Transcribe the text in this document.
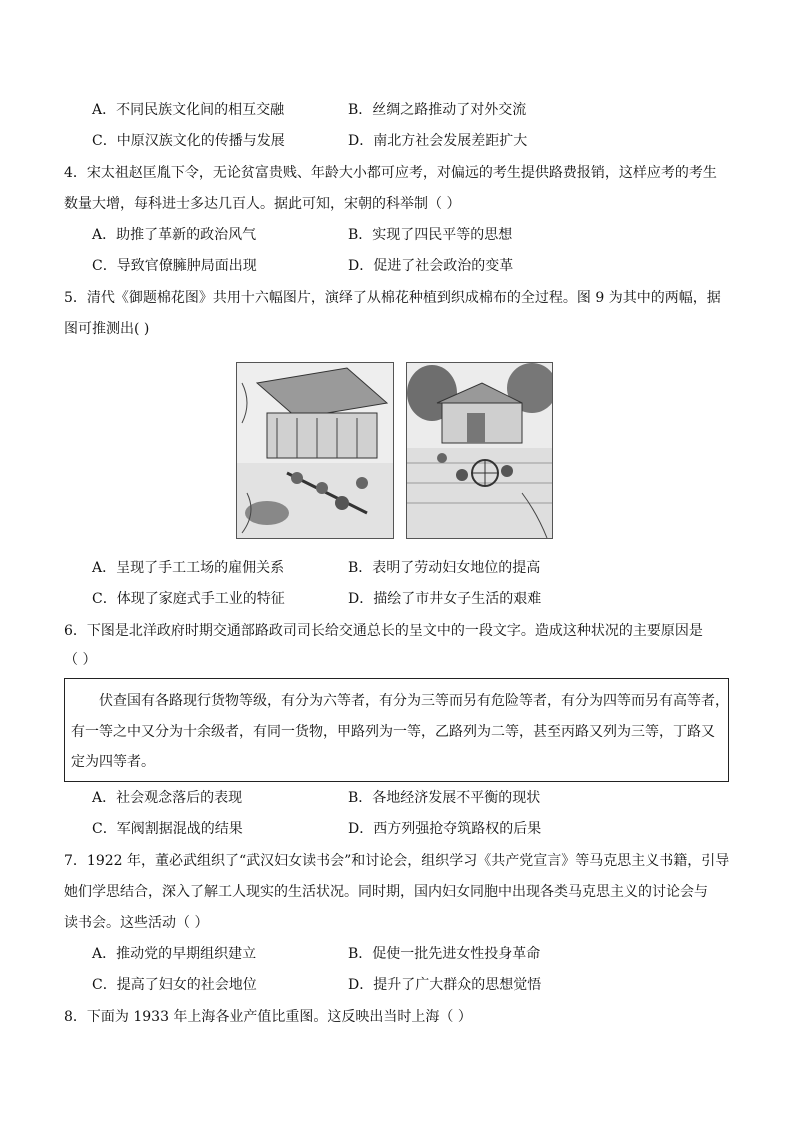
A．不同民族文化间的相互交融	B．丝绸之路推动了对外交流
C．中原汉族文化的传播与发展	D．南北方社会发展差距扩大
4．宋太祖赵匡胤下令，无论贫富贵贱、年龄大小都可应考，对偏远的考生提供路费报销，这样应考的考生
数量大增，每科进士多达几百人。据此可知，宋朝的科举制（ ）
A．助推了革新的政治风气	B．实现了四民平等的思想
C．导致官僚臃肿局面出现	D．促进了社会政治的变革
5．清代《御题棉花图》共用十六幅图片，演绎了从棉花种植到织成棉布的全过程。图 9 为其中的两幅，据
图可推测出( )
A．呈现了手工工场的雇佣关系	B．表明了劳动妇女地位的提高
C．体现了家庭式手工业的特征	D．描绘了市井女子生活的艰难
6．下图是北洋政府时期交通部路政司司长给交通总长的呈文中的一段文字。造成这种状况的主要原因是
（ ）
伏查国有各路现行货物等级，有分为六等者，有分为三等而另有危险等者，有分为四等而另有高等者，
有一等之中又分为十余级者，有同一货物，甲路列为一等，乙路列为二等，甚至丙路又列为三等，丁路又
定为四等者。
A．社会观念落后的表现	B．各地经济发展不平衡的现状
C．军阀割据混战的结果	D．西方列强抢夺筑路权的后果
7．1922 年，董必武组织了“武汉妇女读书会”和讨论会，组织学习《共产党宣言》等马克思主义书籍，引导
她们学思结合，深入了解工人现实的生活状况。同时期，国内妇女同胞中出现各类马克思主义的讨论会与
读书会。这些活动（ ）
A．推动党的早期组织建立	B．促使一批先进女性投身革命
C．提高了妇女的社会地位	D．提升了广大群众的思想觉悟
8．下面为 1933 年上海各业产值比重图。这反映出当时上海（ ）
